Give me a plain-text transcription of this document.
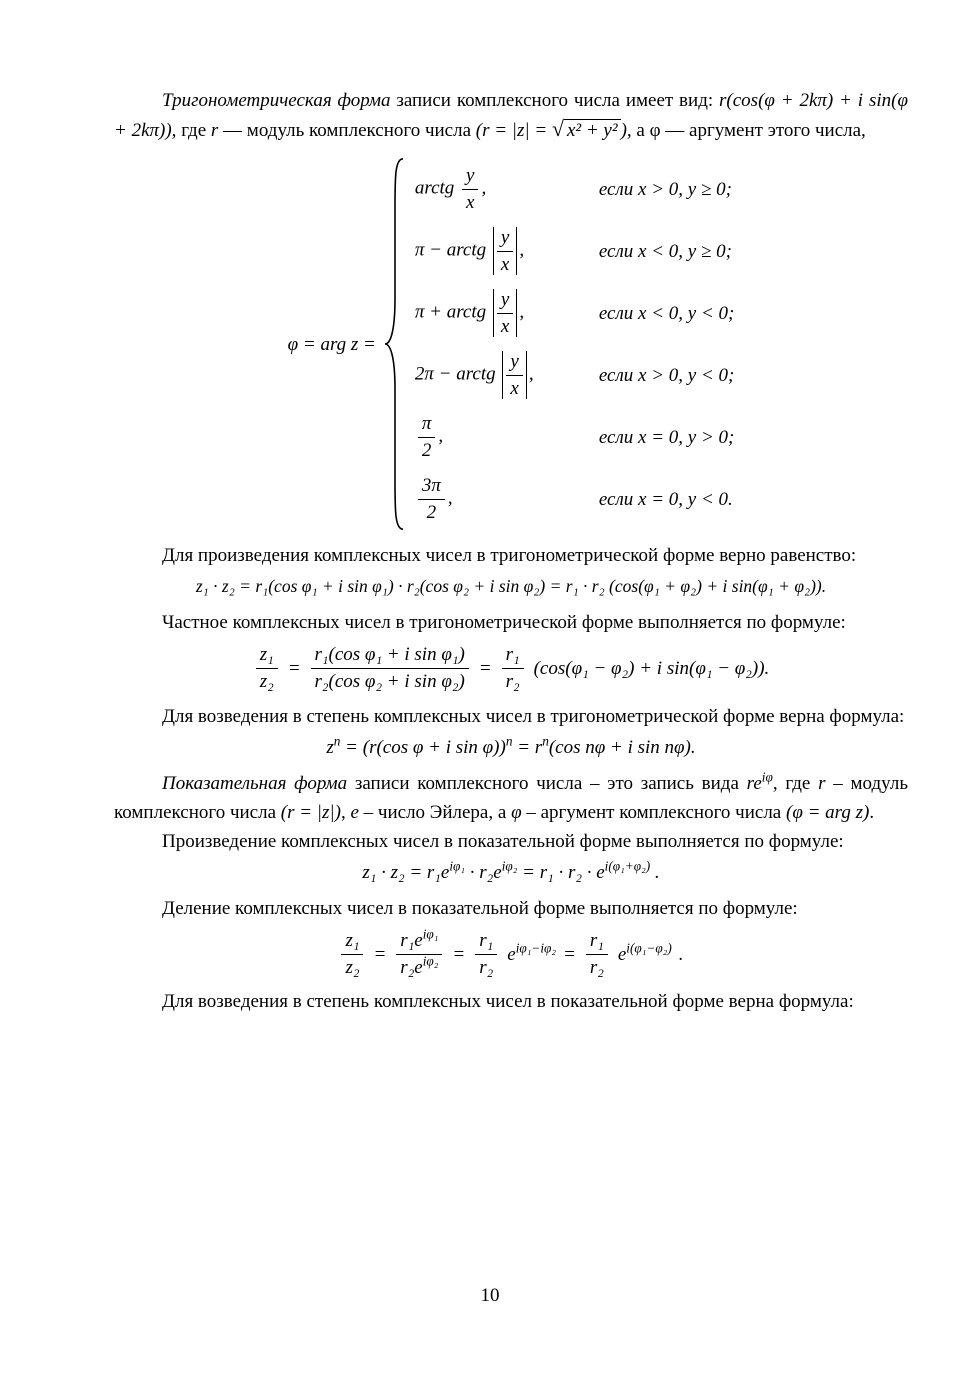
Тригонометрическая форма записи комплексного числа имеет вид: r(cos(φ + 2kπ) + i sin(φ + 2kπ)), где r — модуль комплексного числа (r = |z| = √ x² + y² ), а φ — аргумент этого числа,

φ = arg z =
arctg $\frac{y}{x}$ ,	если x > 0, y ≥ 0;
π − arctg $\frac{y}{x}$ ,	если x < 0, y ≥ 0;
π + arctg $\frac{y}{x}$ ,	если x < 0, y < 0;
2π − arctg $\frac{y}{x}$ ,	если x > 0, y < 0;
$\frac{\pi}{2}$ ,	если x = 0, y > 0;
$\frac{3\pi}{2}$ ,	если x = 0, y < 0.

Для произведения комплексных чисел в тригонометрической форме верно равенство:

z₁ · z₂ = r₁(cos φ₁ + i sin φ₁) · r₂(cos φ₂ + i sin φ₂) = r₁ · r₂ (cos(φ₁ + φ₂) + i sin(φ₁ + φ₂)).

Частное комплексных чисел в тригонометрической форме выполняется по формуле:

$\frac{\text{z₁}}{\text{z₂}} = \frac{\text{r₁(cos φ₁ + i sin φ₁)}}{\text{r₂(cos φ₂ + i sin φ₂)}} = \frac{\text{r₁}}{\text{r₂}} (\cos(\varphi_1 - \varphi_2) + i$ sin(φ₁ − φ₂)).

Для возведения в степень комплексных чисел в тригонометрической форме верна формула:

$z^n = (r(\cos$ φ + i $\sin \varphi))^n = r^n(\cos$ nφ + i sin nφ).

Показательная форма записи комплексного числа – это запись вида $re^{i\varphi}$, где r – модуль комплексного числа (r = |z|), e – число Эйлера, а φ – аргумент комплексного числа (φ = arg z).

Произведение комплексных чисел в показательной форме выполняется по формуле:

$z_1 \cdot z_2 = r_1e^{i\varphi_1} \cdot r_2e^{i\varphi_2} = r_1 \cdot r_2 \cdot e^{i(\varphi_1+\varphi_2)}$ .

Деление комплексных чисел в показательной форме выполняется по формуле:

$\frac{\text{z₁}}{\text{z₂}} = \frac{r_1e^{i\varphi_1}}{r_2e^{i\varphi_2}} = \frac{\text{r₁}}{\text{r₂}} e^{i\varphi_1-i\varphi_2} = \frac{\text{r₁}}{\text{r₂}} e^{i(\varphi_1-\varphi_2)}$ .

Для возведения в степень комплексных чисел в показательной форме верна формула:

10
